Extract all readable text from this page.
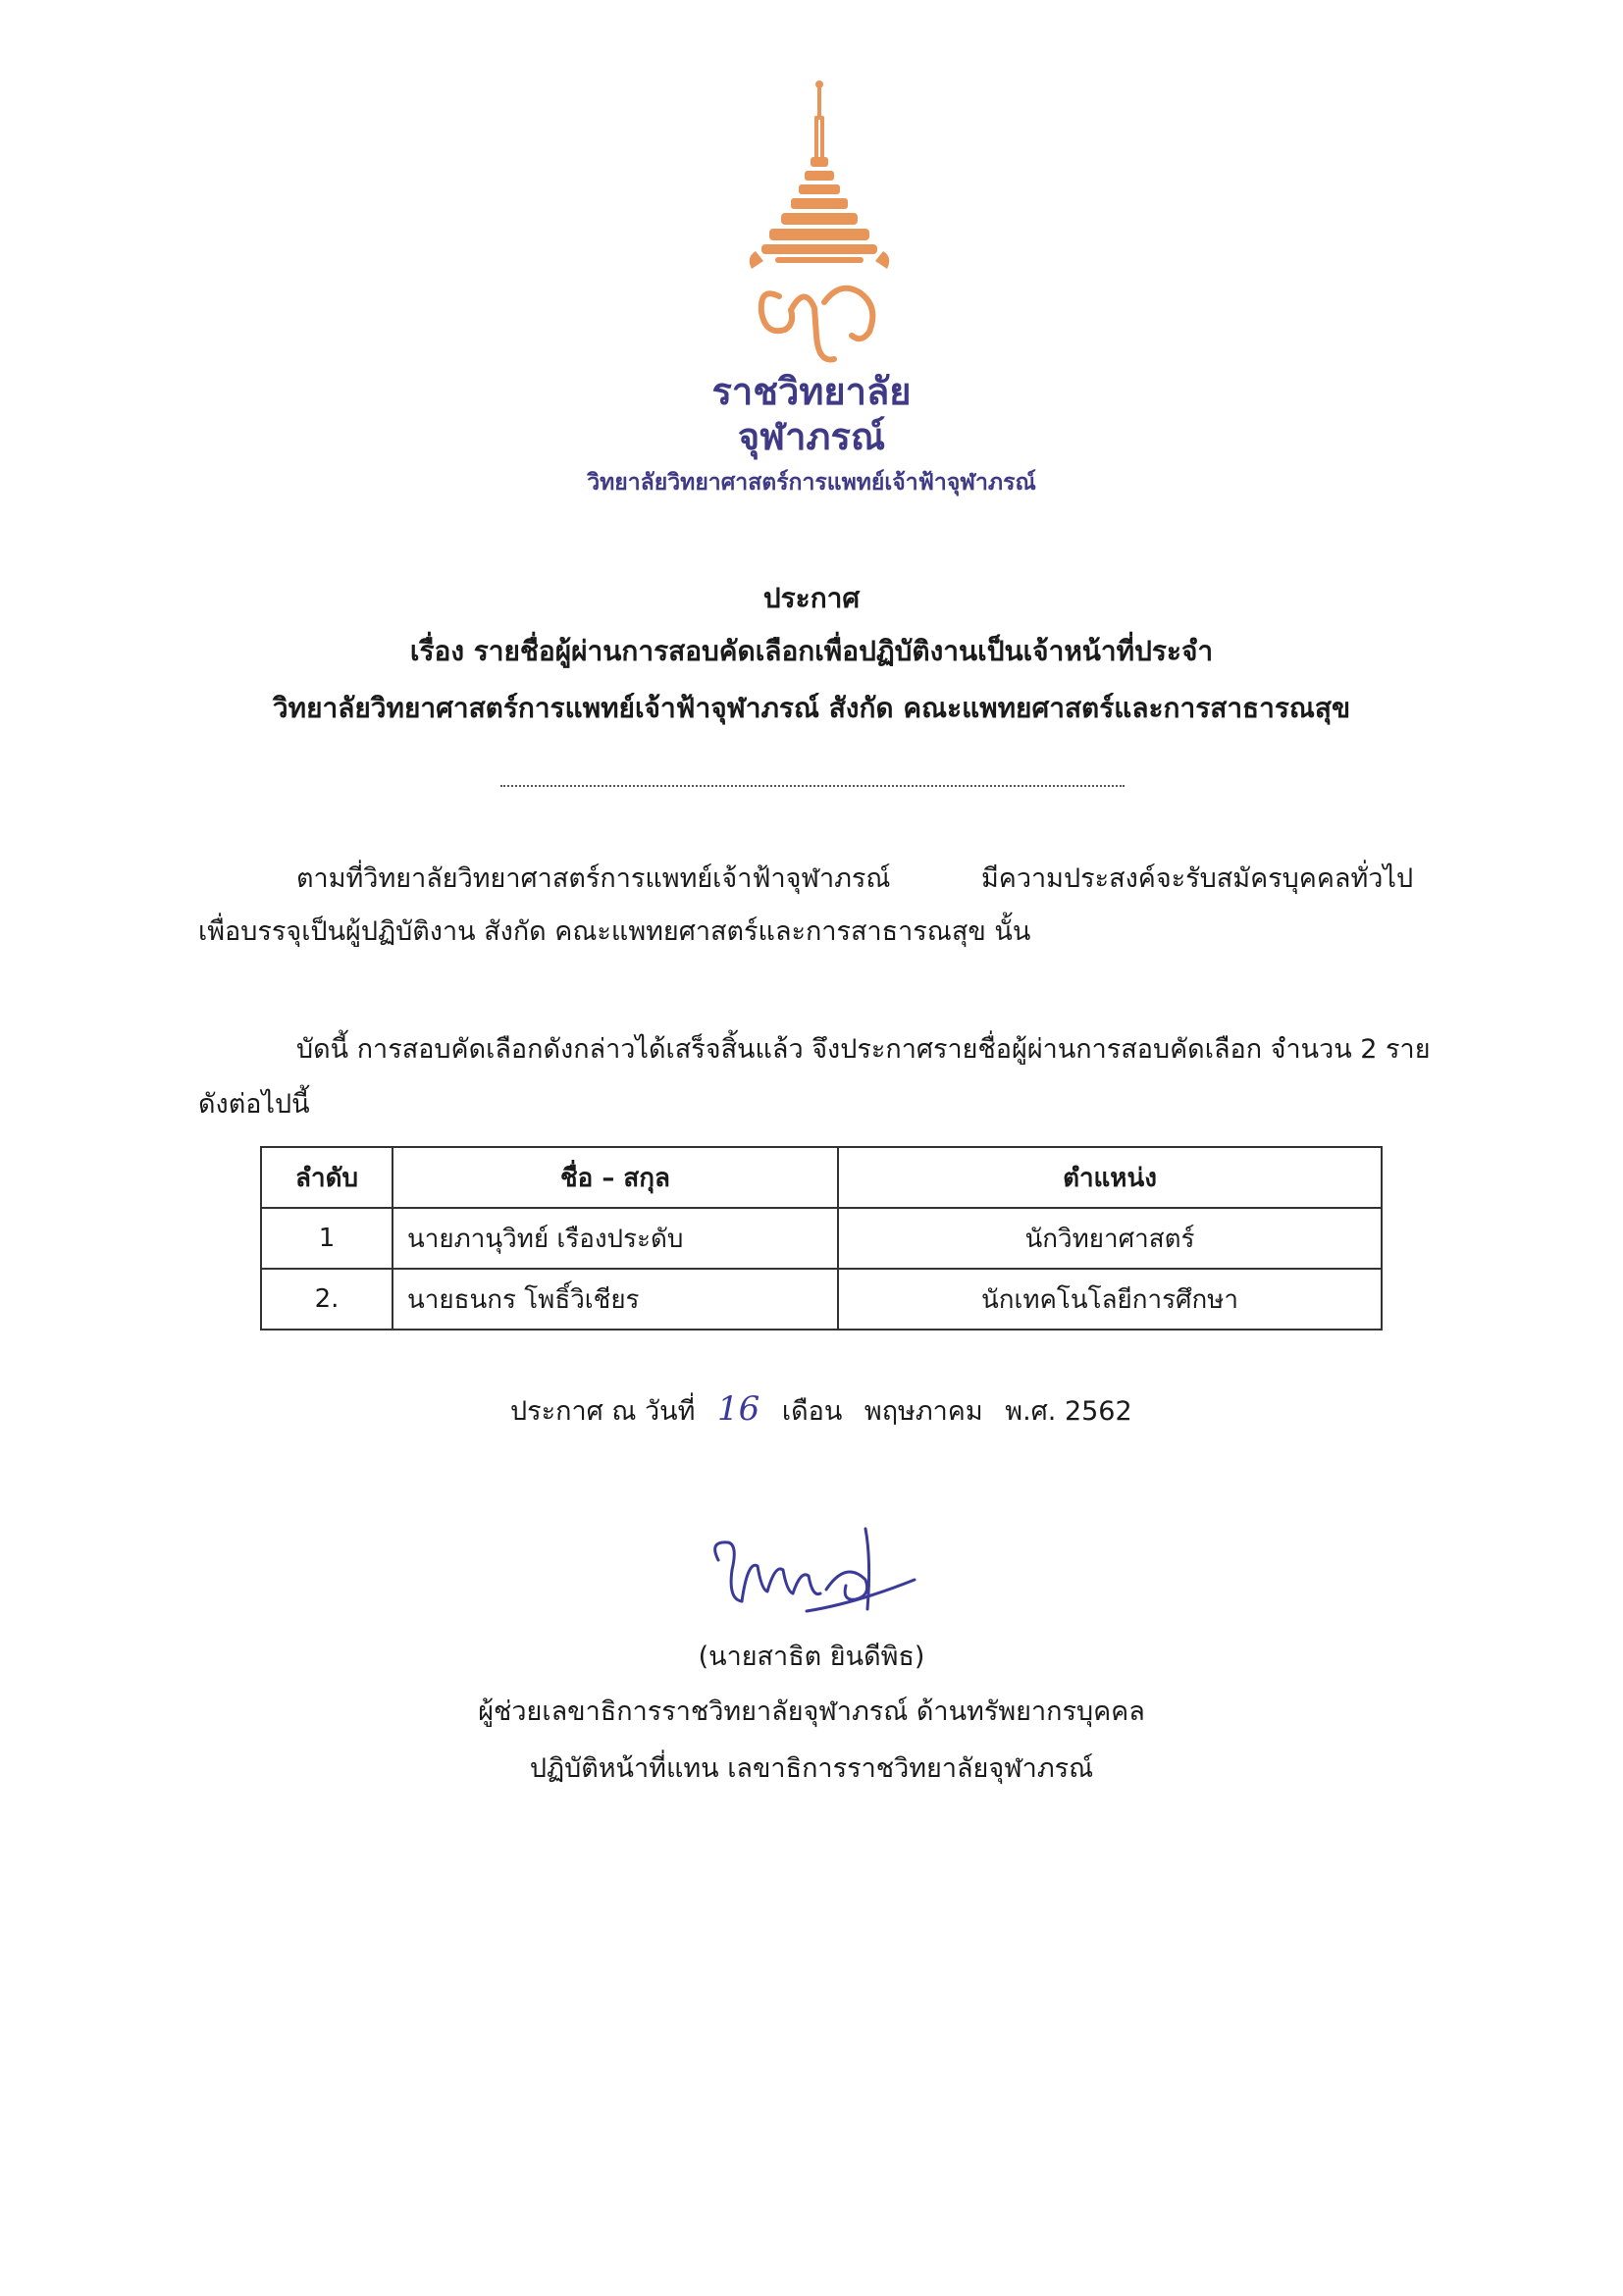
ราชวิทยาลัย
จุฬาภรณ์
วิทยาลัยวิทยาศาสตร์การแพทย์เจ้าฟ้าจุฬาภรณ์
ประกาศ
เรื่อง รายชื่อผู้ผ่านการสอบคัดเลือกเพื่อปฏิบัติงานเป็นเจ้าหน้าที่ประจำ
วิทยาลัยวิทยาศาสตร์การแพทย์เจ้าฟ้าจุฬาภรณ์ สังกัด คณะแพทยศาสตร์และการสาธารณสุข
ตามที่วิทยาลัยวิทยาศาสตร์การแพทย์เจ้าฟ้าจุฬาภรณ์	มีความประสงค์จะรับสมัครบุคคลทั่วไป
เพื่อบรรจุเป็นผู้ปฏิบัติงาน สังกัด คณะแพทยศาสตร์และการสาธารณสุข นั้น
บัดนี้ การสอบคัดเลือกดังกล่าวได้เสร็จสิ้นแล้ว จึงประกาศรายชื่อผู้ผ่านการสอบคัดเลือก จำนวน 2 ราย
ดังต่อไปนี้
ลำดับ	ชื่อ – สกุล	ตำแหน่ง
1	นายภานุวิทย์ เรืองประดับ	นักวิทยาศาสตร์
2.	นายธนกร โพธิ์วิเชียร	นักเทคโนโลยีการศึกษา
ประกาศ ณ วันที่ 16 เดือน พฤษภาคม พ.ศ. 2562
(นายสาธิต ยินดีพิธ)
ผู้ช่วยเลขาธิการราชวิทยาลัยจุฬาภรณ์ ด้านทรัพยากรบุคคล
ปฏิบัติหน้าที่แทน เลขาธิการราชวิทยาลัยจุฬาภรณ์
